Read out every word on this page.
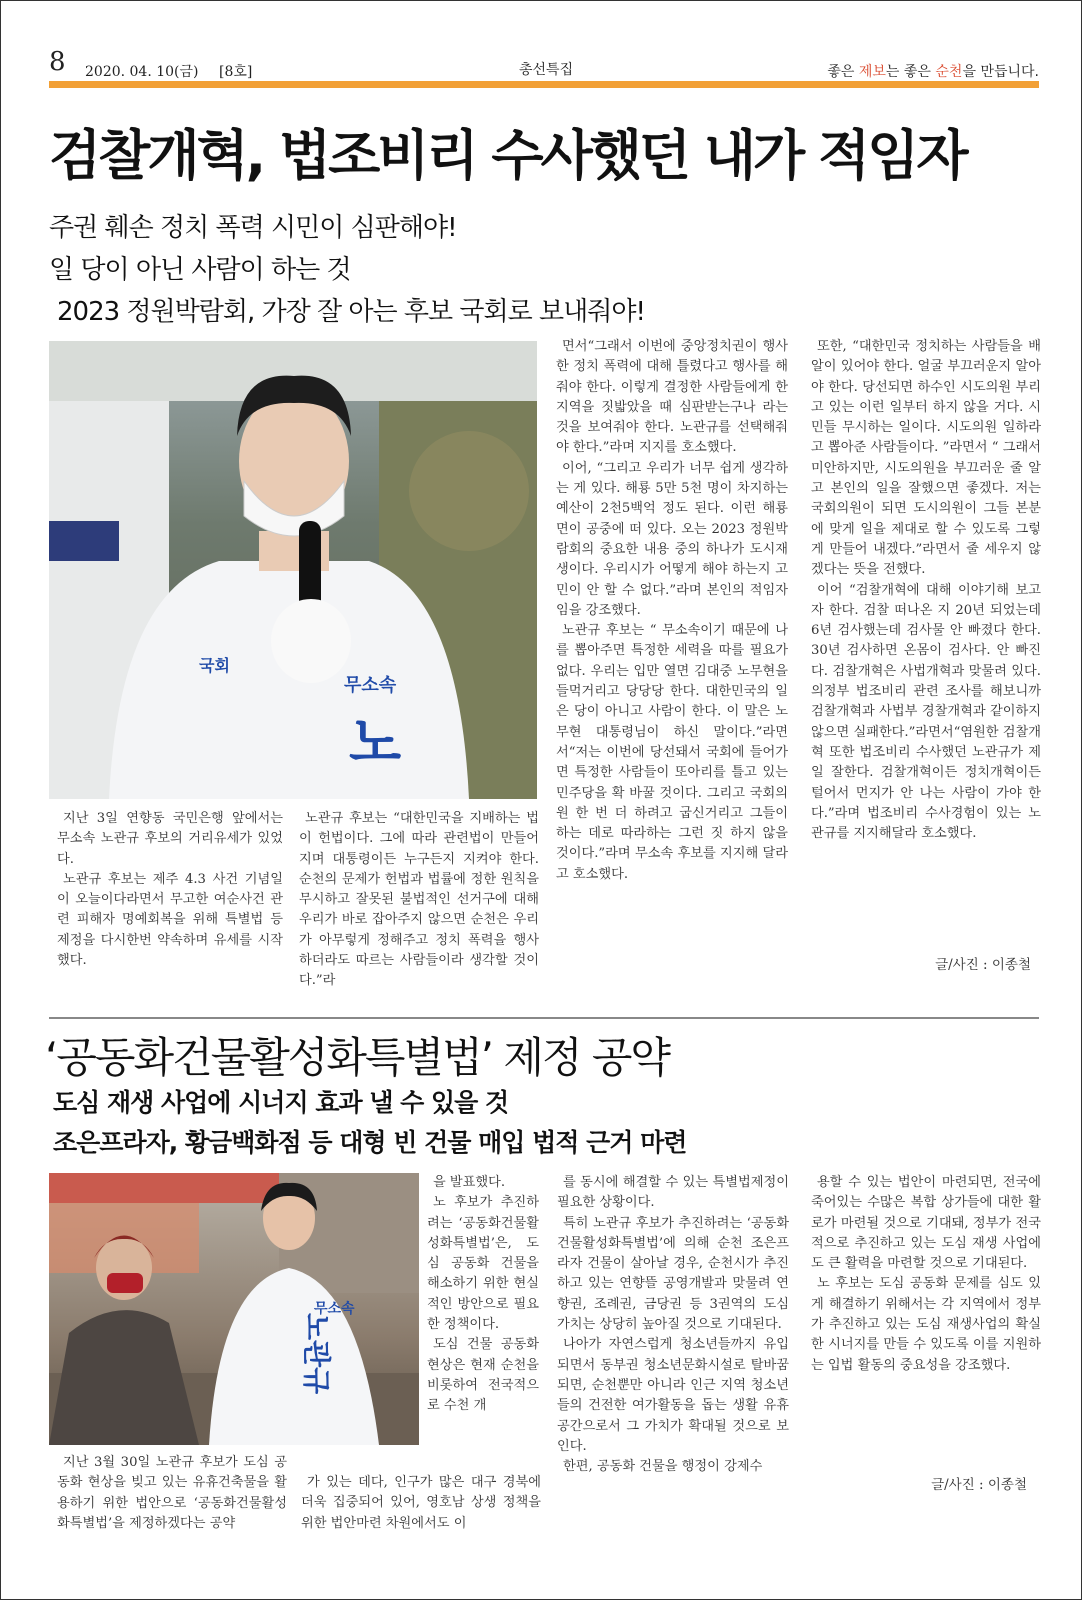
8 2020. 04. 10(금) [8호]	총선특집	좋은 제보는 좋은 순천을 만듭니다.
검찰개혁, 법조비리 수사했던 내가 적임자
주권 훼손 정치 폭력 시민이 심판해야!
일 당이 아닌 사람이 하는 것
2023 정원박람회, 가장 잘 아는 후보 국회로 보내줘야!
무소속
노
국회

면서“그래서 이번에 중앙정치권이 행사한 정치 폭력에 대해 틀렸다고 행사를 해줘야 한다. 이렇게 결정한 사람들에게 한 지역을 짓밟았을 때 심판받는구나 라는 것을 보여줘야 한다. 노관규를 선택해줘야 한다.”라며 지지를 호소했다.

이어, “그리고 우리가 너무 쉽게 생각하는 게 있다. 해룡 5만 5천 명이 차지하는 예산이 2천5백억 정도 된다. 이런 해룡면이 공중에 떠 있다. 오는 2023 정원박람회의 중요한 내용 중의 하나가 도시재생이다. 우리시가 어떻게 해야 하는지 고민이 안 할 수 없다.”라며 본인의 적임자임을 강조했다.

노관규 후보는 “ 무소속이기 때문에 나를 뽑아주면 특정한 세력을 따를 필요가 없다. 우리는 입만 열면 김대중 노무현을 들먹거리고 당당당 한다. 대한민국의 일은 당이 아니고 사람이 한다. 이 말은 노무현 대통령님이 하신 말이다.”라면서“저는 이번에 당선돼서 국회에 들어가면 특정한 사람들이 또아리를 틀고 있는 민주당을 확 바꿀 것이다. 그리고 국회의원 한 번 더 하려고 굽신거리고 그들이 하는 데로 따라하는 그런 짓 하지 않을 것이다.”라며 무소속 후보를 지지해 달라고 호소했다.

또한, “대한민국 정치하는 사람들을 배알이 있어야 한다. 얼굴 부끄러운지 알아야 한다. 당선되면 하수인 시도의원 부리고 있는 이런 일부터 하지 않을 거다. 시민들 무시하는 일이다. 시도의원 일하라고 뽑아준 사람들이다. ”라면서 “ 그래서 미안하지만, 시도의원을 부끄러운 줄 알고 본인의 일을 잘했으면 좋겠다. 저는 국회의원이 되면 도시의원이 그들 본분에 맞게 일을 제대로 할 수 있도록 그렇게 만들어 내겠다.”라면서 줄 세우지 않겠다는 뜻을 전했다.

이어 “검찰개혁에 대해 이야기해 보고자 한다. 검찰 떠나온 지 20년 되었는데 6년 검사했는데 검사물 안 빠졌다 한다. 30년 검사하면 온몸이 검사다. 안 빠진다. 검찰개혁은 사법개혁과 맞물려 있다. 의정부 법조비리 관련 조사를 해보니까 검찰개혁과 사법부 경찰개혁과 같이하지 않으면 실패한다.”라면서“염원한 검찰개혁 또한 법조비리 수사했던 노관규가 제일 잘한다. 검찰개혁이든 정치개혁이든 털어서 먼지가 안 나는 사람이 가야 한다.”라며 법조비리 수사경험이 있는 노관규를 지지해달라 호소했다.

지난 3일 연향동 국민은행 앞에서는 무소속 노관규 후보의 거리유세가 있었다.

노관규 후보는 제주 4.3 사건 기념일이 오늘이다라면서 무고한 여순사건 관련 피해자 명예회복을 위해 특별법 등 제정을 다시한번 약속하며 유세를 시작했다.

노관규 후보는 “대한민국을 지배하는 법이 헌법이다. 그에 따라 관련법이 만들어지며 대통령이든 누구든지 지켜야 한다. 순천의 문제가 헌법과 법률에 정한 원칙을 무시하고 잘못된 불법적인 선거구에 대해 우리가 바로 잡아주지 않으면 순천은 우리가 아무렇게 정해주고 정치 폭력을 행사 하더라도 따르는 사람들이라 생각할 것이다.”라

글/사진 : 이종철
‘공동화건물활성화특별법’ 제정 공약
도심 재생 사업에 시너지 효과 낼 수 있을 것
조은프라자, 황금백화점 등 대형 빈 건물 매입 법적 근거 마련
무소속
노관규

을 발표했다.

노 후보가 추진하려는 ‘공동화건물활성화특별법’은, 도심 공동화 건물을 해소하기 위한 현실적인 방안으로 필요한 정책이다.

도심 건물 공동화 현상은 현재 순천을 비롯하여 전국적으로 수천 개

지난 3월 30일 노관규 후보가 도심 공동화 현상을 빚고 있는 유휴건축물을 활용하기 위한 법안으로 ‘공동화건물활성화특별법’을 제정하겠다는 공약

가 있는 데다, 인구가 많은 대구 경북에 더욱 집중되어 있어, 영호남 상생 정책을 위한 법안마련 차원에서도 이

를 동시에 해결할 수 있는 특별법제정이 필요한 상황이다.

특히 노관규 후보가 추진하려는 ‘공동화건물활성화특별법’에 의해 순천 조은프라자 건물이 살아날 경우, 순천시가 추진하고 있는 연향뜰 공영개발과 맞물려 연향권, 조례권, 금당권 등 3권역의 도심 가치는 상당히 높아질 것으로 기대된다.

나아가 자연스럽게 청소년들까지 유입되면서 동부권 청소년문화시설로 탈바꿈되면, 순천뿐만 아니라 인근 지역 청소년들의 건전한 여가활동을 돕는 생활 유휴공간으로서 그 가치가 확대될 것으로 보인다.

한편, 공동화 건물을 행정이 강제수

용할 수 있는 법안이 마련되면, 전국에 죽어있는 수많은 복합 상가들에 대한 활로가 마련될 것으로 기대돼, 정부가 전국적으로 추진하고 있는 도심 재생 사업에도 큰 활력을 마련할 것으로 기대된다.

노 후보는 도심 공동화 문제를 심도 있게 해결하기 위해서는 각 지역에서 정부가 추진하고 있는 도심 재생사업의 확실한 시너지를 만들 수 있도록 이를 지원하는 입법 활동의 중요성을 강조했다.

글/사진 : 이종철
